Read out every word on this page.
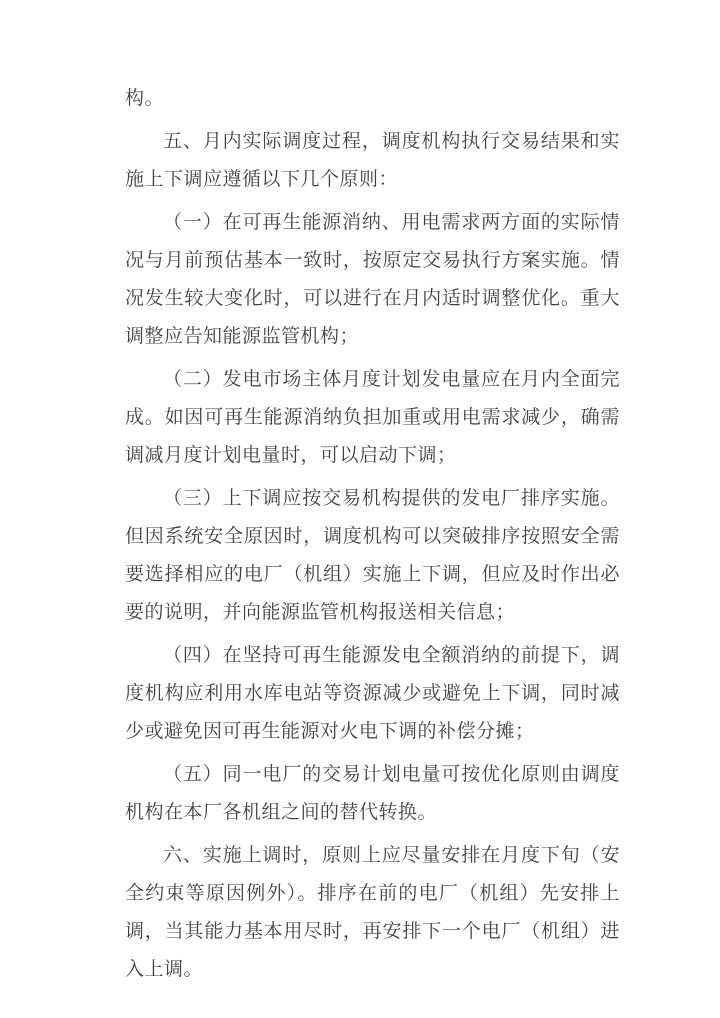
构。

五、月内实际调度过程，调度机构执行交易结果和实施上下调应遵循以下几个原则：

（一）在可再生能源消纳、用电需求两方面的实际情况与月前预估基本一致时，按原定交易执行方案实施。情况发生较大变化时，可以进行在月内适时调整优化。重大调整应告知能源监管机构；

（二）发电市场主体月度计划发电量应在月内全面完成。如因可再生能源消纳负担加重或用电需求减少，确需调减月度计划电量时，可以启动下调；

（三）上下调应按交易机构提供的发电厂排序实施。但因系统安全原因时，调度机构可以突破排序按照安全需要选择相应的电厂（机组）实施上下调，但应及时作出必要的说明，并向能源监管机构报送相关信息；

（四）在坚持可再生能源发电全额消纳的前提下，调度机构应利用水库电站等资源减少或避免上下调，同时减少或避免因可再生能源对火电下调的补偿分摊；

（五）同一电厂的交易计划电量可按优化原则由调度机构在本厂各机组之间的替代转换。

六、实施上调时，原则上应尽量安排在月度下旬（安全约束等原因例外）。排序在前的电厂（机组）先安排上调，当其能力基本用尽时，再安排下一个电厂（机组）进入上调。
